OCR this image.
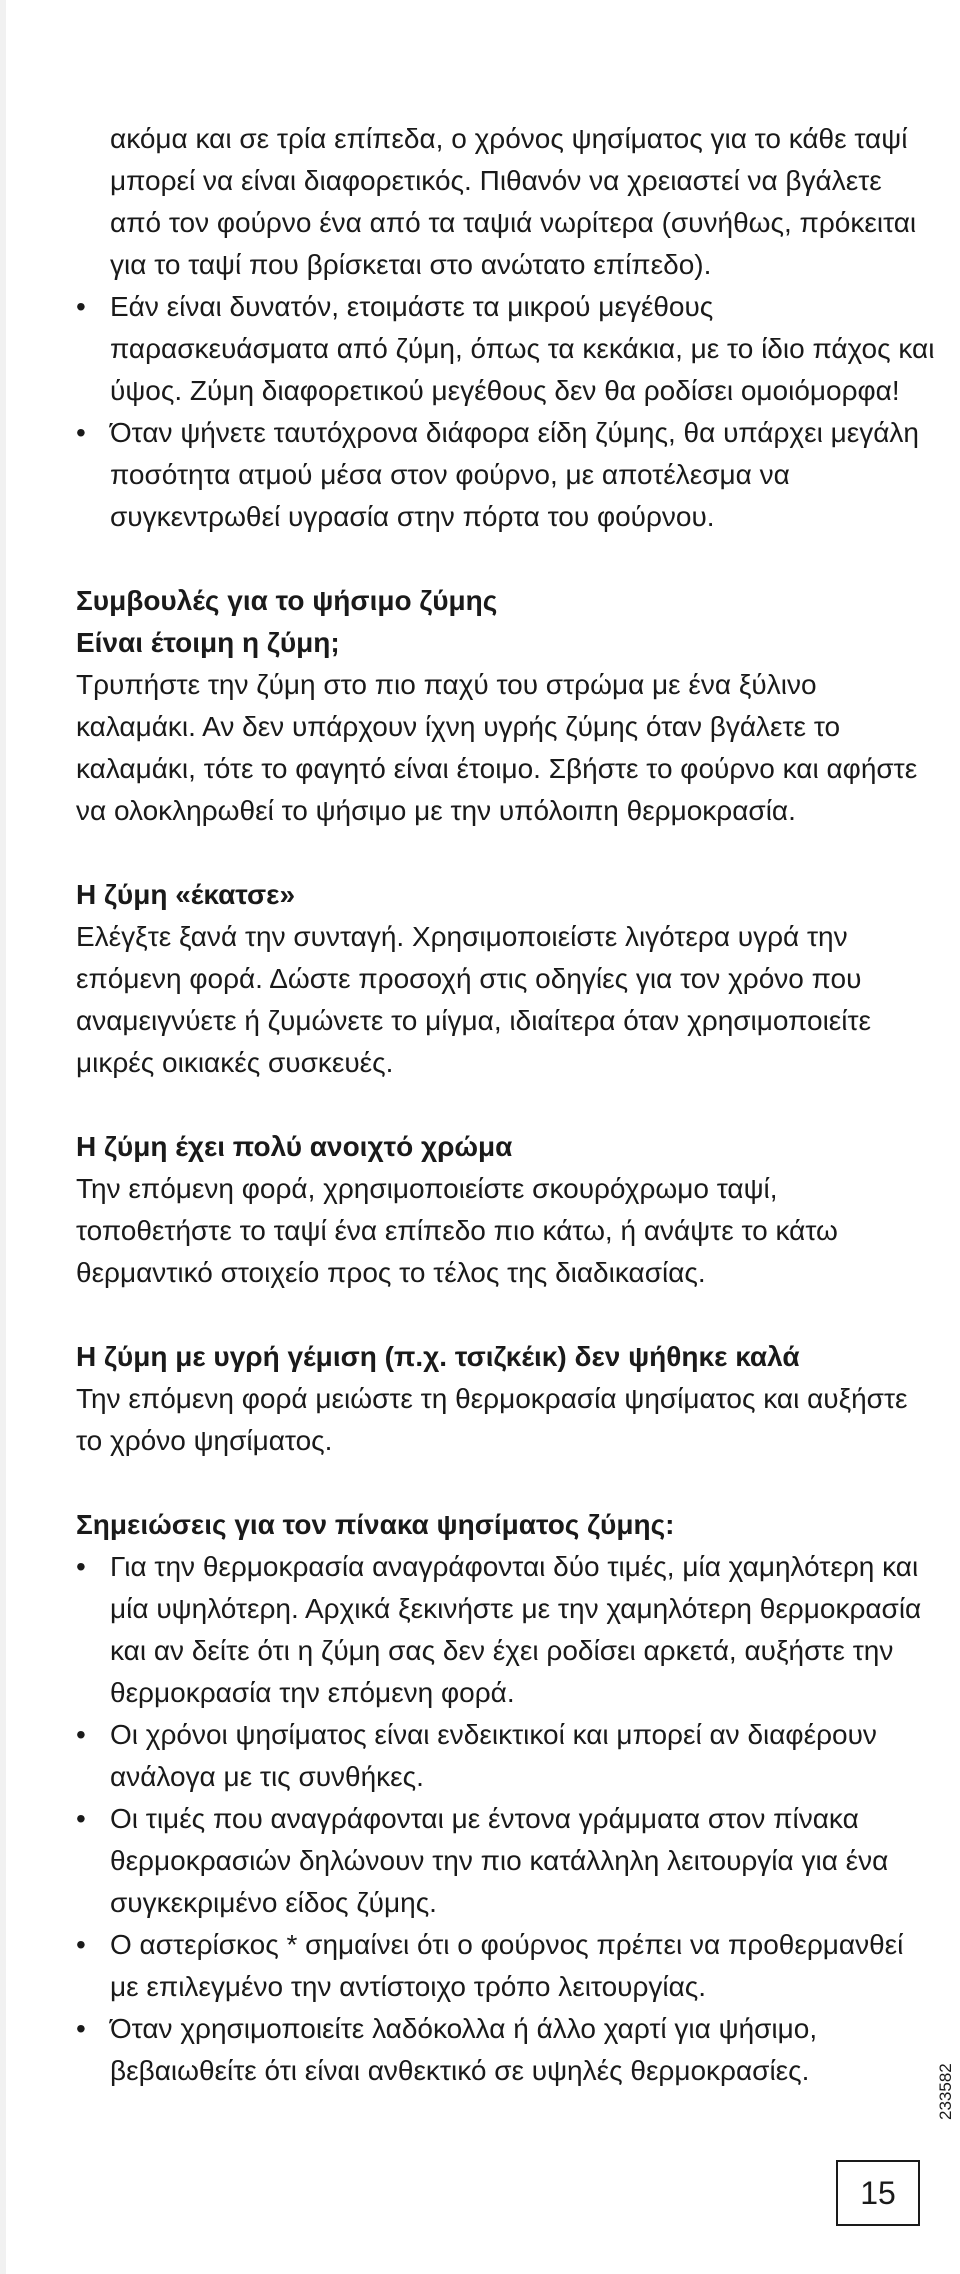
ακόμα και σε τρία επίπεδα, ο χρόνος ψησίματος για το κάθε ταψί μπορεί να είναι διαφορετικός. Πιθανόν να χρειαστεί να βγάλετε από τον φούρνο ένα από τα ταψιά νωρίτερα (συνήθως, πρόκειται για το ταψί που βρίσκεται στο ανώτατο επίπεδο).

• Εάν είναι δυνατόν, ετοιμάστε τα μικρού μεγέθους παρασκευάσματα από ζύμη, όπως τα κεκάκια, με το ίδιο πάχος και ύψος. Ζύμη διαφορετικού μεγέθους δεν θα ροδίσει ομοιόμορφα!
• Όταν ψήνετε ταυτόχρονα διάφορα είδη ζύμης, θα υπάρχει μεγάλη ποσότητα ατμού μέσα στον φούρνο, με αποτέλεσμα να συγκεντρωθεί υγρασία στην πόρτα του φούρνου.

Συμβουλές για το ψήσιμο ζύμης

Είναι έτοιμη η ζύμη;

Τρυπήστε την ζύμη στο πιο παχύ του στρώμα με ένα ξύλινο καλαμάκι. Αν δεν υπάρχουν ίχνη υγρής ζύμης όταν βγάλετε το καλαμάκι, τότε το φαγητό είναι έτοιμο. Σβήστε το φούρνο και αφήστε να ολοκληρωθεί το ψήσιμο με την υπόλοιπη θερμοκρασία.

Η ζύμη «έκατσε»

Ελέγξτε ξανά την συνταγή. Χρησιμοποιείστε λιγότερα υγρά την επόμενη φορά. Δώστε προσοχή στις οδηγίες για τον χρόνο που αναμειγνύετε ή ζυμώνετε το μίγμα, ιδιαίτερα όταν χρησιμοποιείτε μικρές οικιακές συσκευές.

Η ζύμη έχει πολύ ανοιχτό χρώμα

Την επόμενη φορά, χρησιμοποιείστε σκουρόχρωμο ταψί, τοποθετήστε το ταψί ένα επίπεδο πιο κάτω, ή ανάψτε το κάτω θερμαντικό στοιχείο προς το τέλος της διαδικασίας.

Η ζύμη με υγρή γέμιση (π.χ. τσιζκέικ) δεν ψήθηκε καλά

Την επόμενη φορά μειώστε τη θερμοκρασία ψησίματος και αυξήστε το χρόνο ψησίματος.

Σημειώσεις για τον πίνακα ψησίματος ζύμης:

• Για την θερμοκρασία αναγράφονται δύο τιμές, μία χαμηλότερη και μία υψηλότερη. Αρχικά ξεκινήστε με την χαμηλότερη θερμοκρασία και αν δείτε ότι η ζύμη σας δεν έχει ροδίσει αρκετά, αυξήστε την θερμοκρασία την επόμενη φορά.
• Οι χρόνοι ψησίματος είναι ενδεικτικοί και μπορεί αν διαφέρουν ανάλογα με τις συνθήκες.
• Οι τιμές που αναγράφονται με έντονα γράμματα στον πίνακα θερμοκρασιών δηλώνουν την πιο κατάλληλη λειτουργία για ένα συγκεκριμένο είδος ζύμης.
• Ο αστερίσκος * σημαίνει ότι ο φούρνος πρέπει να προθερμανθεί με επιλεγμένο την αντίστοιχο τρόπο λειτουργίας.
• Όταν χρησιμοποιείτε λαδόκολλα ή άλλο χαρτί για ψήσιμο, βεβαιωθείτε ότι είναι ανθεκτικό σε υψηλές θερμοκρασίες.	233582
15
